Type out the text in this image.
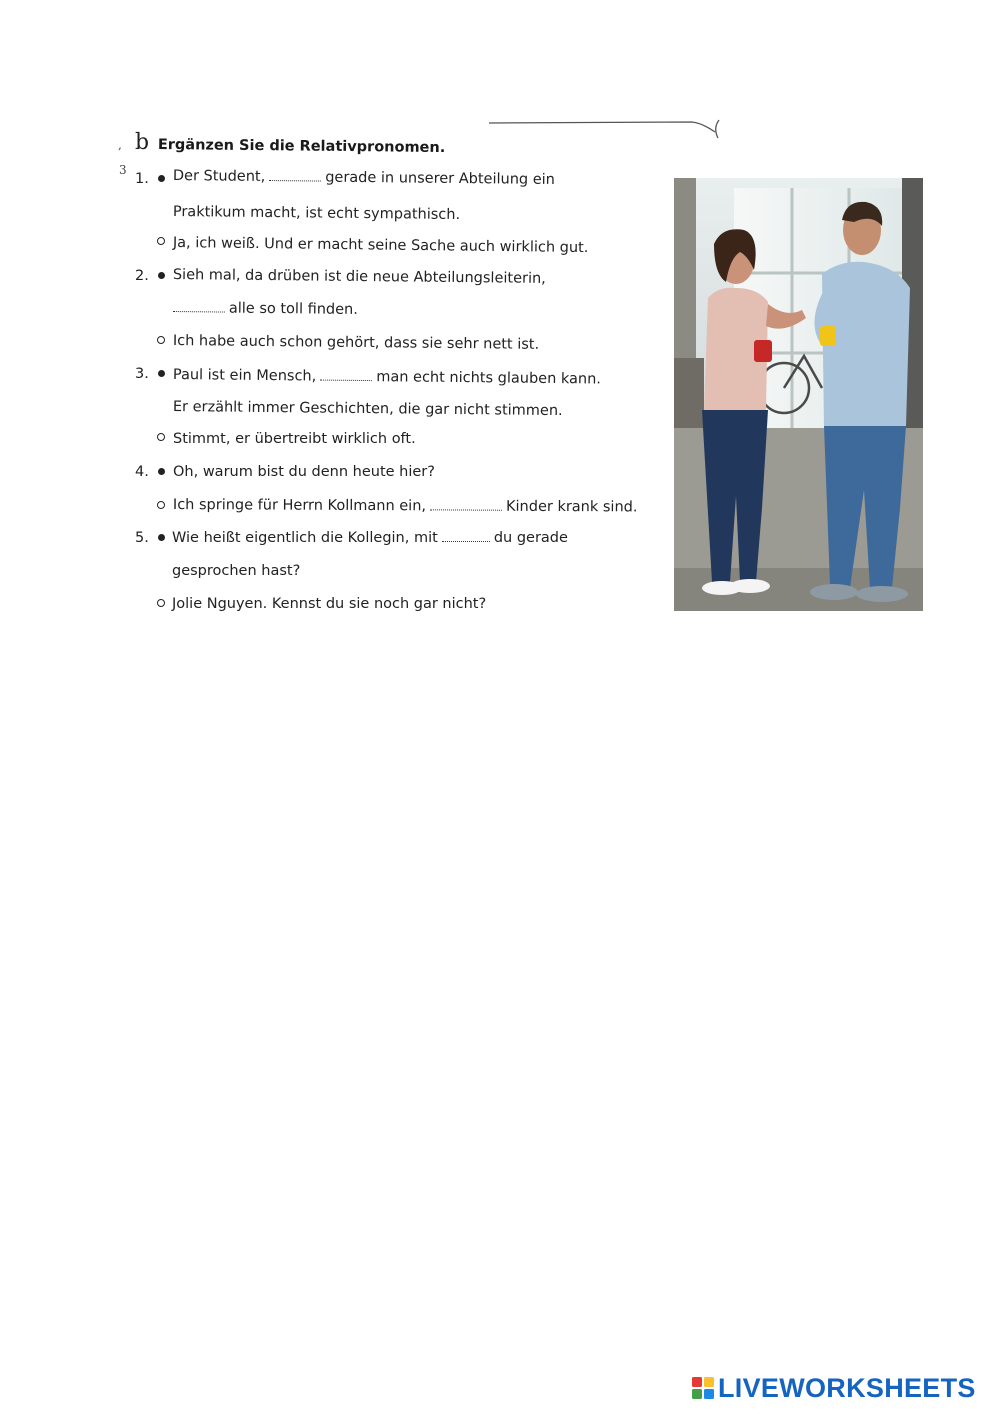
,
3
b Ergänzen Sie die Relativpronomen.
1. Der Student,	gerade in unserer Abteilung ein
Praktikum macht, ist echt sympathisch.
Ja, ich weiß. Und er macht seine Sache auch wirklich gut.
2. Sieh mal, da drüben ist die neue Abteilungsleiterin,
alle so toll finden.
Ich habe auch schon gehört, dass sie sehr nett ist.
3. Paul ist ein Mensch,	man echt nichts glauben kann.
Er erzählt immer Geschichten, die gar nicht stimmen.
Stimmt, er übertreibt wirklich oft.
4. Oh, warum bist du denn heute hier?
Ich springe für Herrn Kollmann ein,	Kinder krank sind.
5. Wie heißt eigentlich die Kollegin, mit	du gerade
gesprochen hast?
Jolie Nguyen. Kennst du sie noch gar nicht?
LIVEWORKSHEETS
